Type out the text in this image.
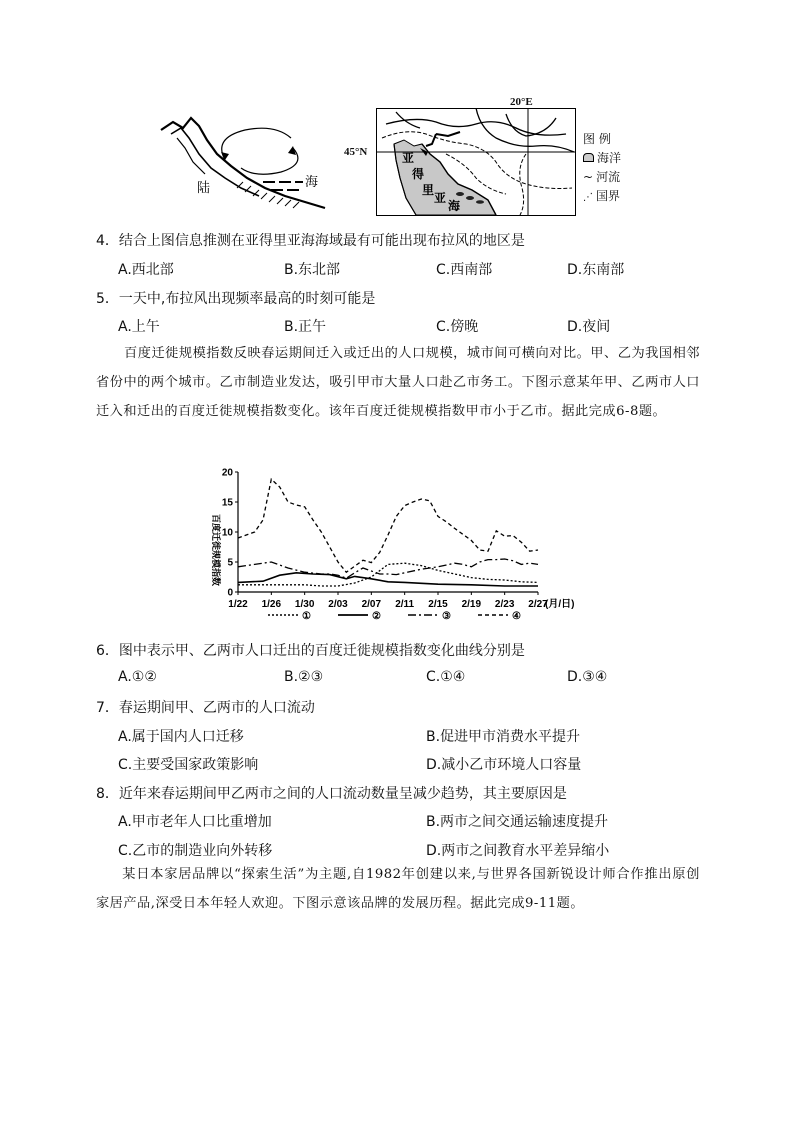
陆	海
20°E
45°N	亚
得
里
亚
海
图 例
海洋
~ 河流
⋰ 国界
4．结合上图信息推测在亚得里亚海海域最有可能出现布拉风的地区是
A.西北部	B.东北部	C.西南部	D.东南部
5．一天中,布拉风出现频率最高的时刻可能是
A.上午	B.正午	C.傍晚	D.夜间
百度迁徙规模指数反映春运期间迁入或迁出的人口规模，城市间可横向对比。甲、乙为我国相邻省份中的两个城市。乙市制造业发达，吸引甲市大量人口赴乙市务工。下图示意某年甲、乙两市人口迁入和迁出的百度迁徙规模指数变化。该年百度迁徙规模指数甲市小于乙市。据此完成6-8题。
0
5
10
15
20
1/22 1/26 1/30 2/03 2/07 2/11 2/15 2/19 2/23 2/27
①	②	③	④
百度迁徙规模指数
(月/日)
6．图中表示甲、乙两市人口迁出的百度迁徙规模指数变化曲线分别是
A.①②	B.②③	C.①④	D.③④
7．春运期间甲、乙两市的人口流动
A.属于国内人口迁移	B.促进甲市消费水平提升
C.主要受国家政策影响	D.减小乙市环境人口容量
8．近年来春运期间甲乙两市之间的人口流动数量呈减少趋势，其主要原因是
A.甲市老年人口比重增加	B.两市之间交通运输速度提升
C.乙市的制造业向外转移	D.两市之间教育水平差异缩小
某日本家居品牌以“探索生活”为主题,自1982年创建以来,与世界各国新锐设计师合作推出原创家居产品,深受日本年轻人欢迎。下图示意该品牌的发展历程。据此完成9-11题。
